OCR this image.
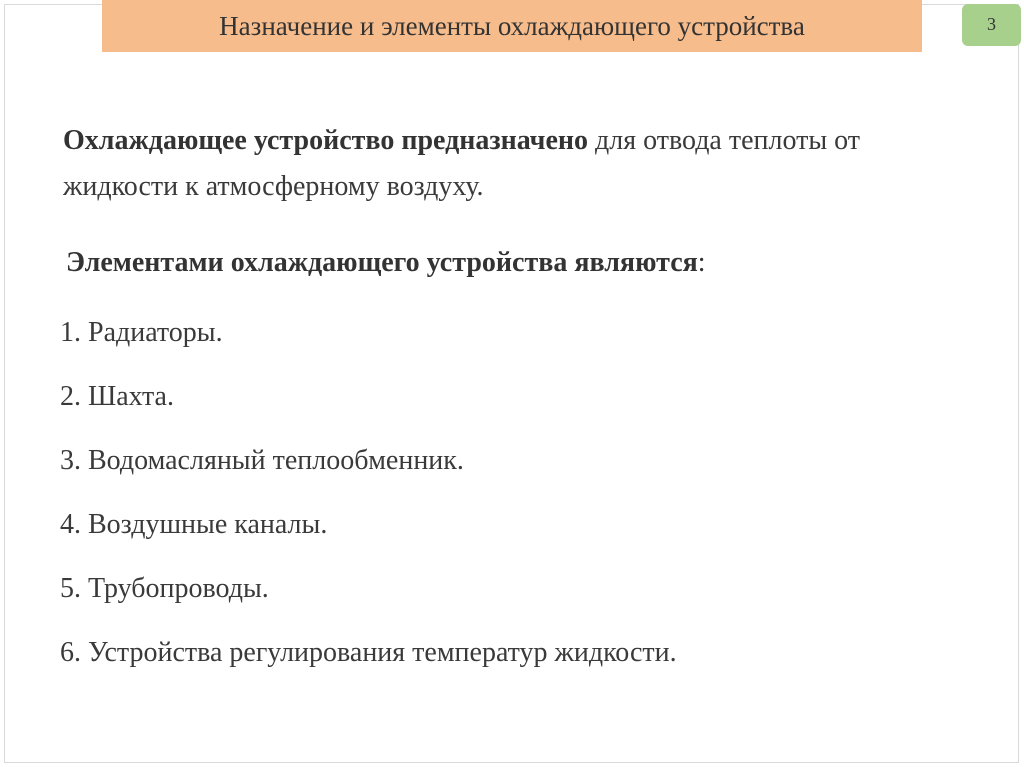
Назначение и элементы охлаждающего устройства	3
Охлаждающее устройство предназначено для отвода теплоты от жидкости к атмосферному воздуху.
Элементами охлаждающего устройства являются:
1. Радиаторы.
2. Шахта.
3. Водомасляный теплообменник.
4. Воздушные каналы.
5. Трубопроводы.
6. Устройства регулирования температур жидкости.
